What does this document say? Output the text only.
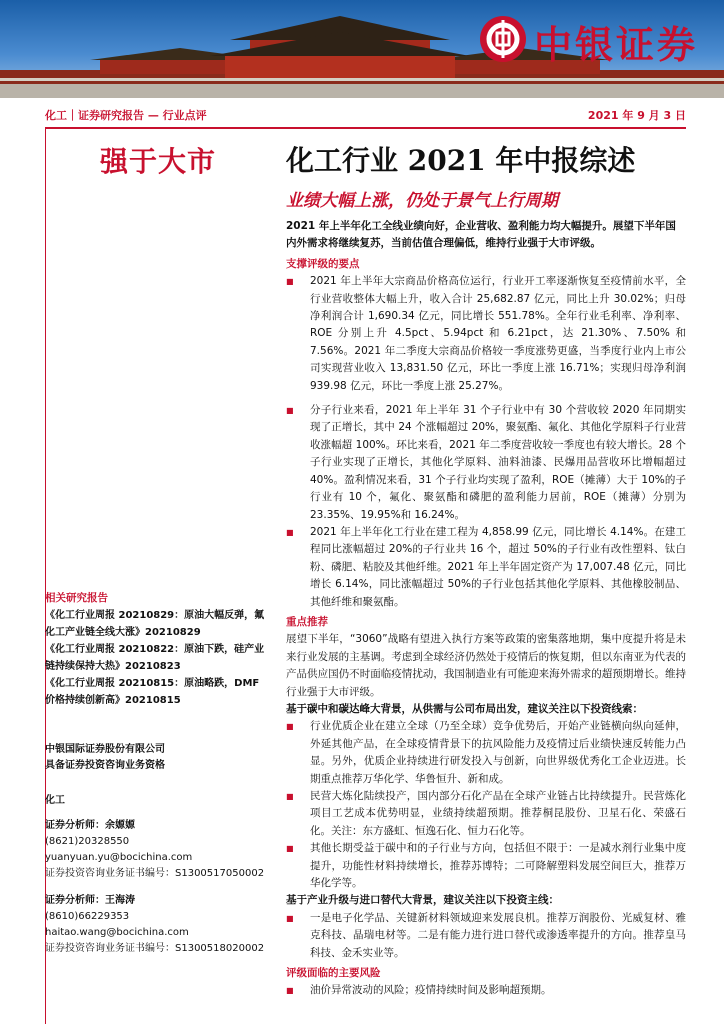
中银证券
化工｜证券研究报告 — 行业点评	2021 年 9 月 3 日
强于大市 化工行业 2021 年中报综述
业绩大幅上涨，仍处于景气上行周期

2021 年上半年化工全线业绩向好，企业营收、盈利能力均大幅提升。展望下半年国内外需求将继续复苏，当前估值合理偏低，维持行业强于大市评级。

支撑评级的要点

■ 2021 年上半年大宗商品价格高位运行，行业开工率逐渐恢复至疫情前水平，全行业营收整体大幅上升，收入合计 25,682.87 亿元，同比上升 30.02%；归母净利润合计 1,690.34 亿元，同比增长 551.78%。全年行业毛利率、净利率、ROE 分别上升 4.5pct、5.94pct 和 6.21pct，达 21.30%、7.50% 和 7.56%。2021 年二季度大宗商品价格较一季度涨势更盛，当季度行业内上市公司实现营业收入 13,831.50 亿元，环比一季度上涨 16.71%；实现归母净利润 939.98 亿元，环比一季度上涨 25.27%。

■ 分子行业来看，2021 年上半年 31 个子行业中有 30 个营收较 2020 年同期实现了正增长，其中 24 个涨幅超过 20%，聚氨酯、氟化、其他化学原料子行业营收涨幅超 100%。环比来看，2021 年二季度营收较一季度也有较大增长。28 个子行业实现了正增长，其他化学原料、油料油漆、民爆用品营收环比增幅超过 40%。盈利情况来看，31 个子行业均实现了盈利，ROE（摊薄）大于 10%的子行业有 10 个，氟化、聚氨酯和磷肥的盈利能力居前，ROE（摊薄）分别为 23.35%、19.95%和 16.24%。

■ 2021 年上半年化工行业在建工程为 4,858.99 亿元，同比增长 4.14%。在建工程同比涨幅超过 20%的子行业共 16 个，超过 50%的子行业有改性塑料、钛白粉、磷肥、粘胶及其他纤维。2021 年上半年固定资产为 17,007.48 亿元，同比增长 6.14%，同比涨幅超过 50%的子行业包括其他化学原料、其他橡胶制品、其他纤维和聚氨酯。

重点推荐

展望下半年，“3060”战略有望进入执行方案等政策的密集落地期，集中度提升将是未来行业发展的主基调。考虑到全球经济仍然处于疫情后的恢复期，但以东南亚为代表的产品供应国仍不时面临疫情扰动，我国制造业有可能迎来海外需求的超预期增长。维持行业强于大市评级。

基于碳中和碳达峰大背景，从供需与公司布局出发，建议关注以下投资线索：

■ 行业优质企业在建立全球（乃至全球）竞争优势后，开始产业链横向纵向延伸，外延其他产品，在全球疫情背景下的抗风险能力及疫情过后业绩快速反转能力凸显。另外，优质企业持续进行研发投入与创新，向世界级优秀化工企业迈进。长期重点推荐万华化学、华鲁恒升、新和成。

■ 民营大炼化陆续投产，国内部分石化产品在全球产业链占比持续提升。民营炼化项目工艺成本优势明显，业绩持续超预期。推荐桐昆股份、卫星石化、荣盛石化。关注：东方盛虹、恒逸石化、恒力石化等。

■ 其他长期受益于碳中和的子行业与方向，包括但不限于：一是减水剂行业集中度提升，功能性材料持续增长，推荐苏博特；二可降解塑料发展空间巨大，推荐万华化学等。

基于产业升级与进口替代大背景，建议关注以下投资主线：

■ 一是电子化学品、关键新材料领域迎来发展良机。推荐万润股份、光威复材、雅克科技、晶瑞电材等。二是有能力进行进口替代或渗透率提升的方向。推荐皇马科技、金禾实业等。

评级面临的主要风险

■ 油价异常波动的风险；疫情持续时间及影响超预期。

相关研究报告

《化工行业周报 20210829：原油大幅反弹，氟化工产业链全线大涨》20210829

《化工行业周报 20210822：原油下跌，硅产业链持续保持大热》20210823

《化工行业周报 20210815：原油略跌，DMF 价格持续创新高》20210815

中银国际证券股份有限公司
具备证券投资咨询业务资格
化工
证券分析师：余嫄嫄
(8621)20328550
yuanyuan.yu@bocichina.com
证券投资咨询业务证书编号：S1300517050002
证券分析师：王海涛
(8610)66229353
haitao.wang@bocichina.com
证券投资咨询业务证书编号：S1300518020002
